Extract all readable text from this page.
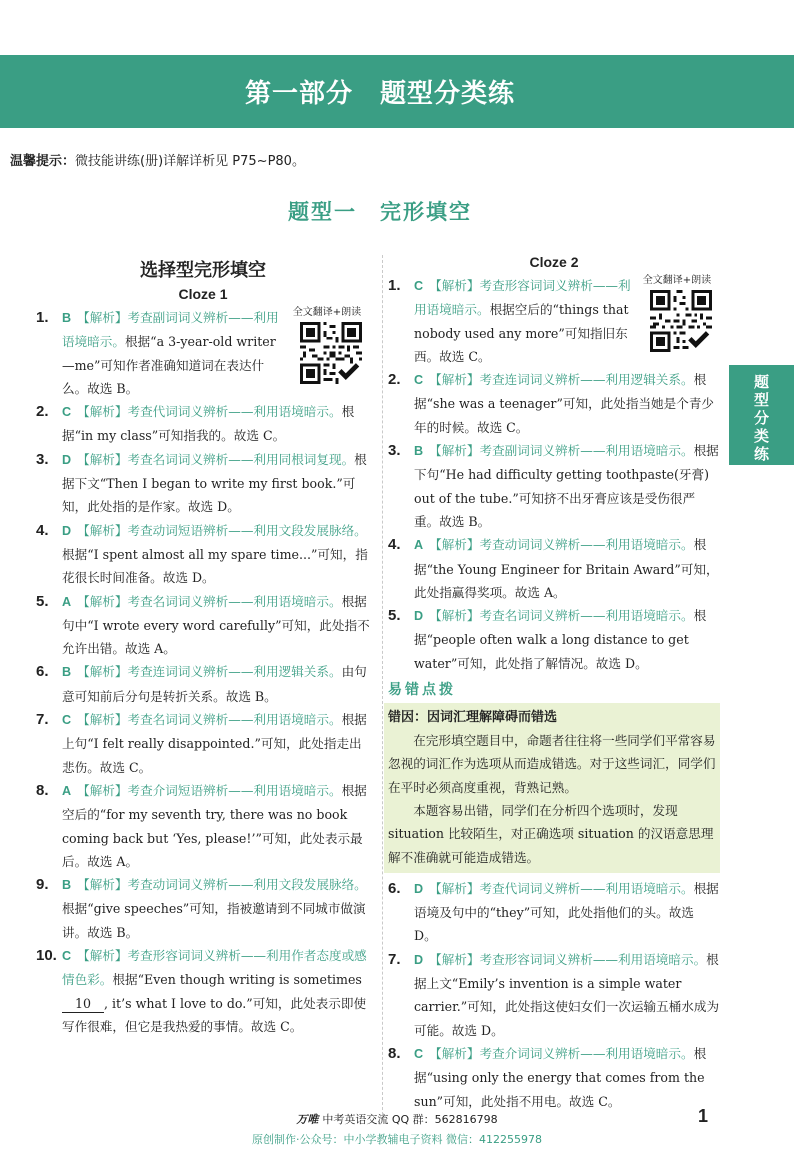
第一部分　题型分类练
温馨提示：微技能讲练(册)详解详析见 P75~P80。
题型一　完形填空
题
型
分
类
练
选择型完形填空
Cloze 1
1.	全文翻译+朗读
B 【解析】考查副词词义辨析——利用语境暗示。根据“a 3-year-old writer—me”可知作者准确知道词在表达什么。故选 B。
2. C 【解析】考查代词词义辨析——利用语境暗示。根据“in my class”可知指我的。故选 C。
3. D 【解析】考查名词词义辨析——利用同根词复现。根据下文“Then I began to write my first book.”可知，此处指的是作家。故选 D。
4. D 【解析】考查动词短语辨析——利用文段发展脉络。根据“I spent almost all my spare time...”可知，指花很长时间准备。故选 D。
5. A 【解析】考查名词词义辨析——利用语境暗示。根据句中“I wrote every word carefully”可知，此处指不允许出错。故选 A。
6. B 【解析】考查连词词义辨析——利用逻辑关系。由句意可知前后分句是转折关系。故选 B。
7. C 【解析】考查名词词义辨析——利用语境暗示。根据上句“I felt really disappointed.”可知，此处指走出悲伤。故选 C。
8. A 【解析】考查介词短语辨析——利用语境暗示。根据空后的“for my seventh try, there was no book coming back but ‘Yes, please!’”可知，此处表示最后。故选 A。
9. B 【解析】考查动词词义辨析——利用文段发展脉络。根据“give speeches”可知，指被邀请到不同城市做演讲。故选 B。
10. C 【解析】考查形容词词义辨析——利用作者态度或感情色彩。根据“Even though writing is sometimes 10 , it’s what I love to do.”可知，此处表示即使写作很难，但它是我热爱的事情。故选 C。
Cloze 2
1.	全文翻译+朗读
C 【解析】考查形容词词义辨析——利用语境暗示。根据空后的“things that nobody used any more”可知指旧东西。故选 C。
2. C 【解析】考查连词词义辨析——利用逻辑关系。根据“she was a teenager”可知，此处指当她是个青少年的时候。故选 C。
3. B 【解析】考查副词词义辨析——利用语境暗示。根据下句“He had difficulty getting toothpaste(牙膏) out of the tube.”可知挤不出牙膏应该是受伤很严重。故选 B。
4. A 【解析】考查动词词义辨析——利用语境暗示。根据“the Young Engineer for Britain Award”可知，此处指赢得奖项。故选 A。
5. D 【解析】考查名词词义辨析——利用语境暗示。根据“people often walk a long distance to get water”可知，此处指了解情况。故选 D。
易错点拨
错因：因词汇理解障碍而错选

在完形填空题目中，命题者往往将一些同学们平常容易忽视的词汇作为选项从而造成错选。对于这些词汇，同学们在平时必须高度重视，背熟记熟。

本题容易出错，同学们在分析四个选项时，发现 situation 比较陌生，对正确选项 situation 的汉语意思理解不准确就可能造成错选。

6. D 【解析】考查代词词义辨析——利用语境暗示。根据语境及句中的“they”可知，此处指他们的头。故选 D。
7. D 【解析】考查形容词词义辨析——利用语境暗示。根据上文“Emily’s invention is a simple water carrier.”可知，此处指这使妇女们一次运输五桶水成为可能。故选 D。
8. C 【解析】考查介词词义辨析——利用语境暗示。根据“using only the energy that comes from the sun”可知，此处指不用电。故选 C。
万唯 中考英语交流 QQ 群：562816798	1
原创制作·公众号：中小学教辅电子资料 微信：412255978
